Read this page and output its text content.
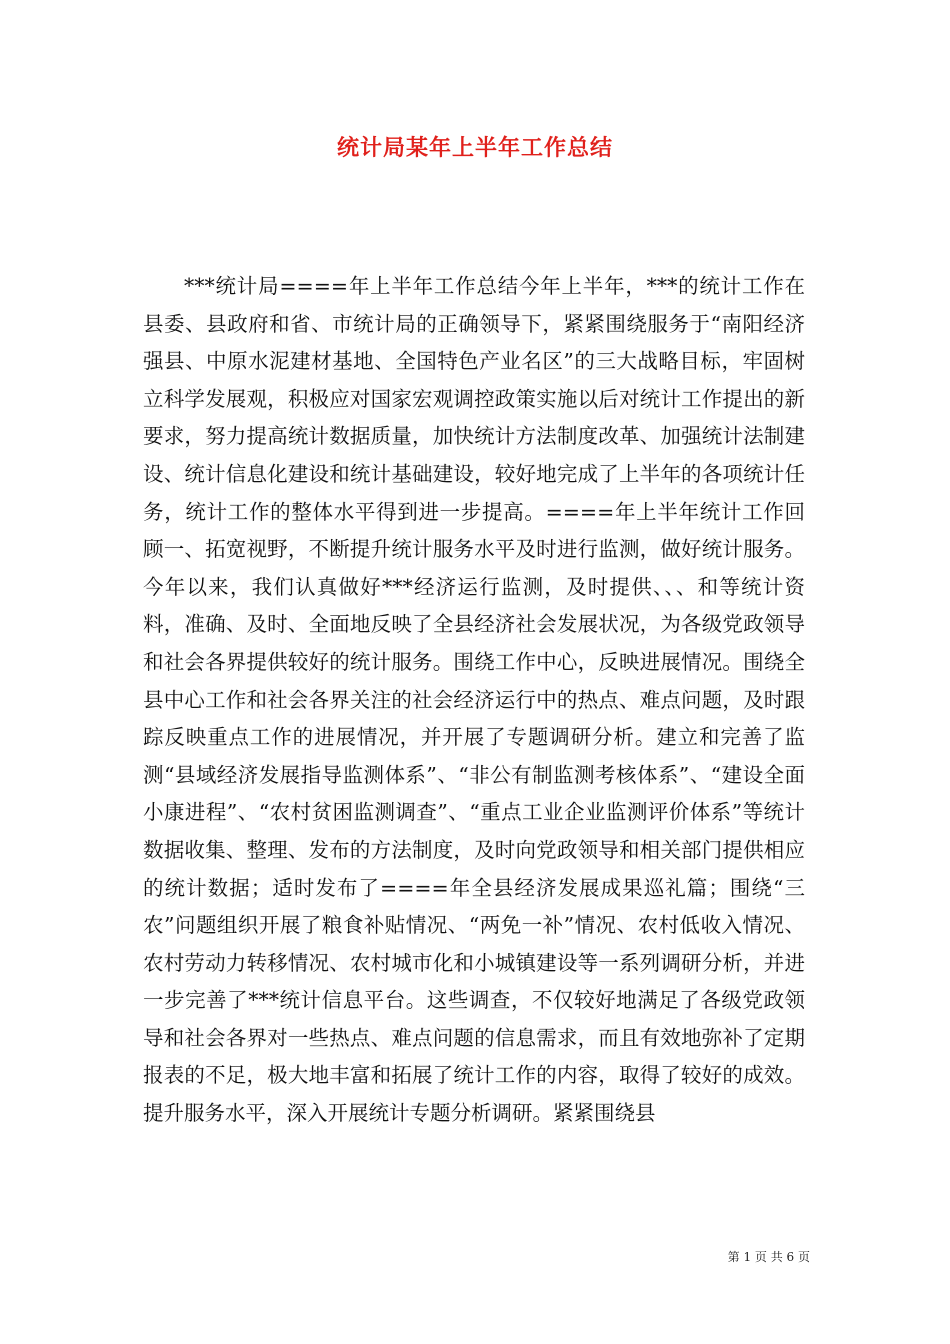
统计局某年上半年工作总结

***统计局====年上半年工作总结今年上半年，***的统计工作在县委、县政府和省、市统计局的正确领导下，紧紧围绕服务于“南阳经济强县、中原水泥建材基地、全国特色产业名区”的三大战略目标，牢固树立科学发展观，积极应对国家宏观调控政策实施以后对统计工作提出的新要求，努力提高统计数据质量，加快统计方法制度改革、加强统计法制建设、统计信息化建设和统计基础建设，较好地完成了上半年的各项统计任务，统计工作的整体水平得到进一步提高。====年上半年统计工作回顾一、拓宽视野，不断提升统计服务水平及时进行监测，做好统计服务。今年以来，我们认真做好***经济运行监测，及时提供、、、和等统计资料，准确、及时、全面地反映了全县经济社会发展状况，为各级党政领导和社会各界提供较好的统计服务。围绕工作中心，反映进展情况。围绕全县中心工作和社会各界关注的社会经济运行中的热点、难点问题，及时跟踪反映重点工作的进展情况，并开展了专题调研分析。建立和完善了监测“县域经济发展指导监测体系”、“非公有制监测考核体系”、“建设全面小康进程”、“农村贫困监测调查”、“重点工业企业监测评价体系”等统计数据收集、整理、发布的方法制度，及时向党政领导和相关部门提供相应的统计数据；适时发布了====年全县经济发展成果巡礼篇；围绕“三农”问题组织开展了粮食补贴情况、“两免一补”情况、农村低收入情况、农村劳动力转移情况、农村城市化和小城镇建设等一系列调研分析，并进一步完善了***统计信息平台。这些调查，不仅较好地满足了各级党政领导和社会各界对一些热点、难点问题的信息需求，而且有效地弥补了定期报表的不足，极大地丰富和拓展了统计工作的内容，取得了较好的成效。提升服务水平，深入开展统计专题分析调研。紧紧围绕县

第 1 页 共 6 页
